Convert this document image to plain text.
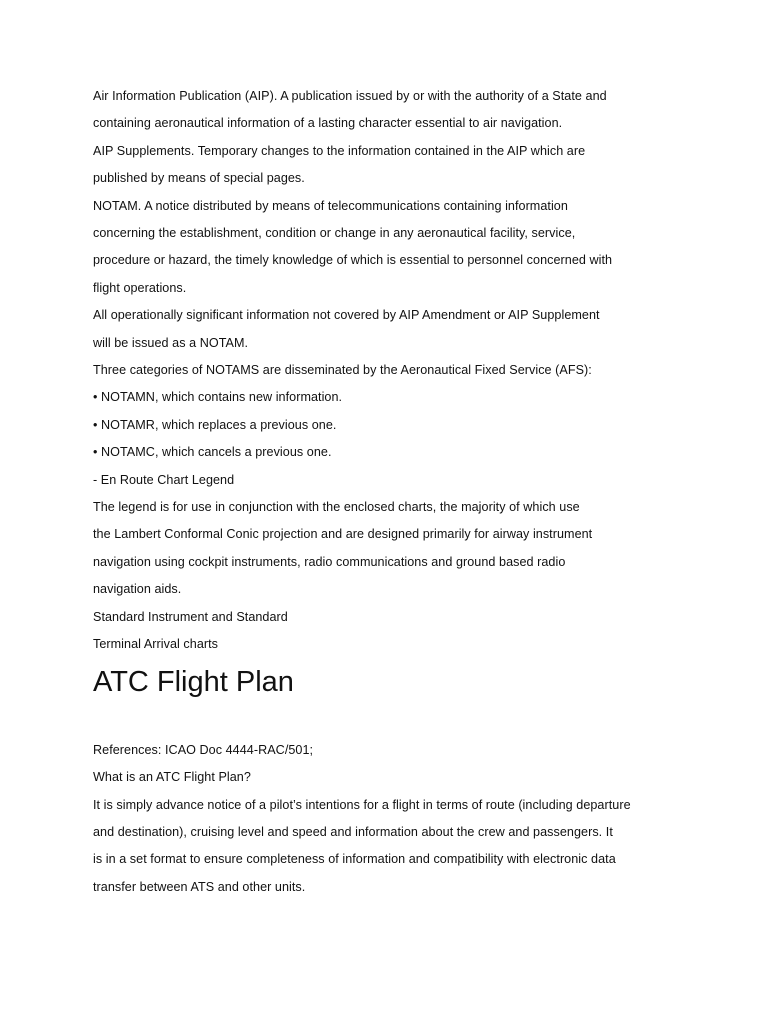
Air Information Publication (AIP). A publication issued by or with the authority of a State and
containing aeronautical information of a lasting character essential to air navigation.
AIP Supplements. Temporary changes to the information contained in the AIP which are
published by means of special pages.
NOTAM. A notice distributed by means of telecommunications containing information
concerning the establishment, condition or change in any aeronautical facility, service,
procedure or hazard, the timely knowledge of which is essential to personnel concerned with
flight operations.
All operationally significant information not covered by AIP Amendment or AIP Supplement
will be issued as a NOTAM.
Three categories of NOTAMS are disseminated by the Aeronautical Fixed Service (AFS):
• NOTAMN, which contains new information.
• NOTAMR, which replaces a previous one.
• NOTAMC, which cancels a previous one.
- En Route Chart Legend
The legend is for use in conjunction with the enclosed charts, the majority of which use
the Lambert Conformal Conic projection and are designed primarily for airway instrument
navigation using cockpit instruments, radio communications and ground based radio
navigation aids.
Standard Instrument and Standard
Terminal Arrival charts
ATC Flight Plan
References: ICAO Doc 4444-RAC/501;
What is an ATC Flight Plan?
It is simply advance notice of a pilot’s intentions for a flight in terms of route (including departure
and destination), cruising level and speed and information about the crew and passengers. It
is in a set format to ensure completeness of information and compatibility with electronic data
transfer between ATS and other units.
